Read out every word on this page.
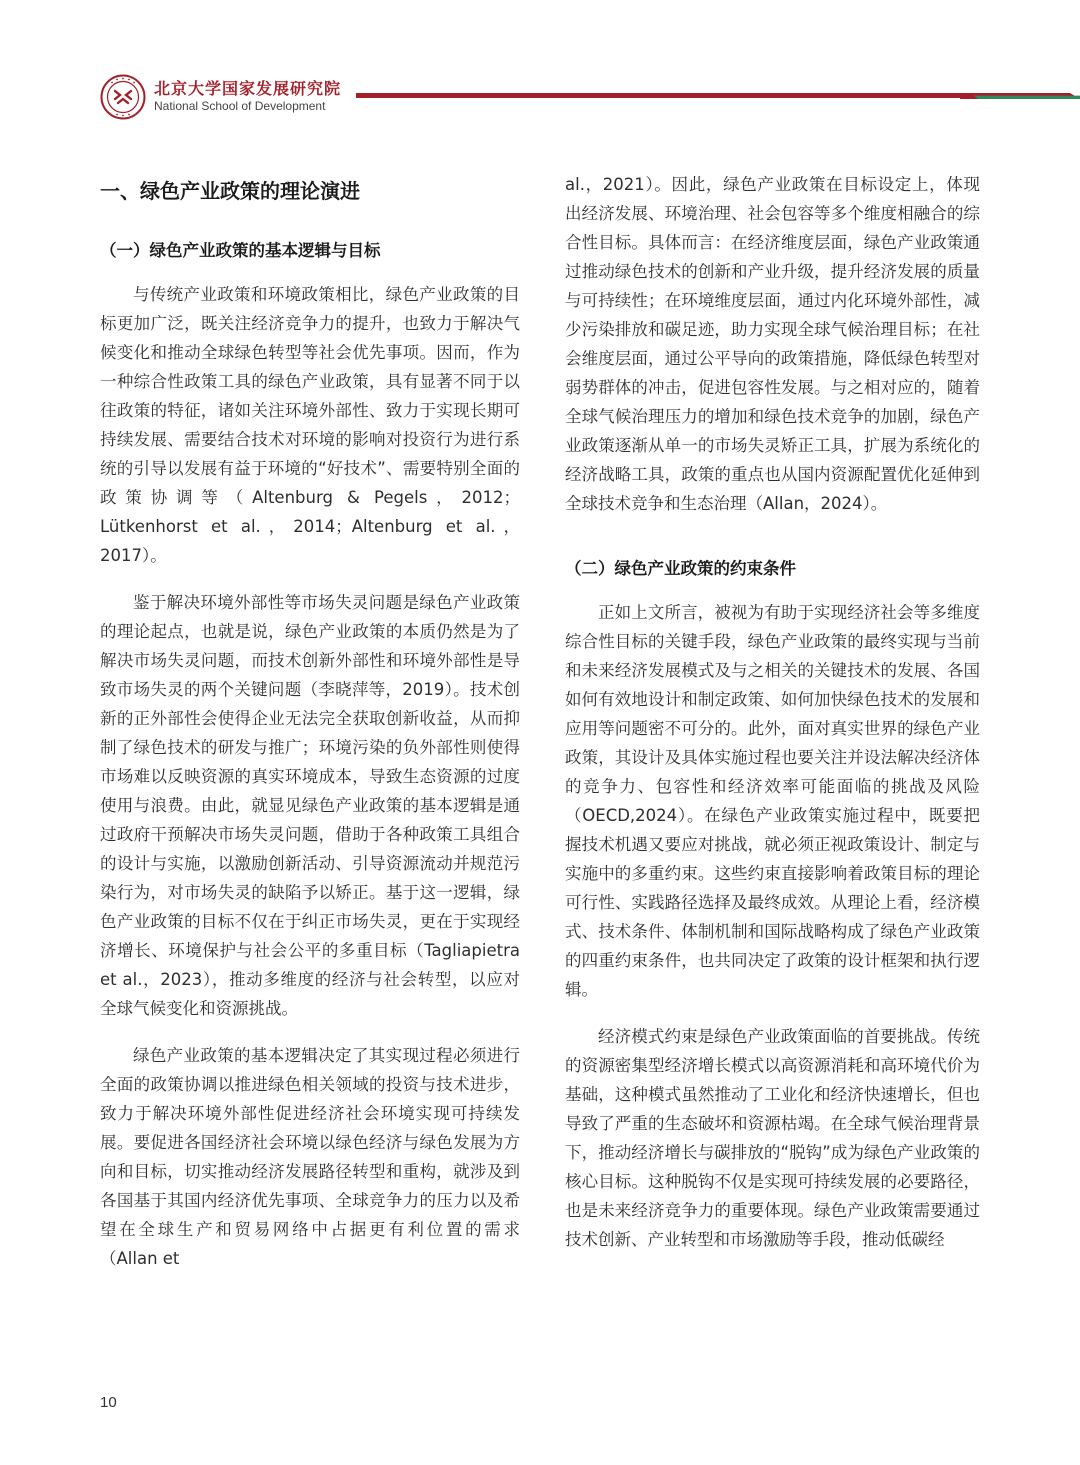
北京大学国家发展研究院
National School of Development
一、绿色产业政策的理论演进
（一）绿色产业政策的基本逻辑与目标

与传统产业政策和环境政策相比，绿色产业政策的目标更加广泛，既关注经济竞争力的提升，也致力于解决气候变化和推动全球绿色转型等社会优先事项。因而，作为一种综合性政策工具的绿色产业政策，具有显著不同于以往政策的特征，诸如关注环境外部性、致力于实现长期可持续发展、需要结合技术对环境的影响对投资行为进行系统的引导以发展有益于环境的“好技术”、需要特别全面的政策协调等（Altenburg & Pegels，2012；Lütkenhorst et al.，2014；Altenburg et al.，2017）。

鉴于解决环境外部性等市场失灵问题是绿色产业政策的理论起点，也就是说，绿色产业政策的本质仍然是为了解决市场失灵问题，而技术创新外部性和环境外部性是导致市场失灵的两个关键问题（李晓萍等，2019）。技术创新的正外部性会使得企业无法完全获取创新收益，从而抑制了绿色技术的研发与推广；环境污染的负外部性则使得市场难以反映资源的真实环境成本，导致生态资源的过度使用与浪费。由此，就显见绿色产业政策的基本逻辑是通过政府干预解决市场失灵问题，借助于各种政策工具组合的设计与实施，以激励创新活动、引导资源流动并规范污染行为，对市场失灵的缺陷予以矫正。基于这一逻辑，绿色产业政策的目标不仅在于纠正市场失灵，更在于实现经济增长、环境保护与社会公平的多重目标（Tagliapietra et al.，2023），推动多维度的经济与社会转型，以应对全球气候变化和资源挑战。

绿色产业政策的基本逻辑决定了其实现过程必须进行全面的政策协调以推进绿色相关领域的投资与技术进步，致力于解决环境外部性促进经济社会环境实现可持续发展。要促进各国经济社会环境以绿色经济与绿色发展为方向和目标，切实推动经济发展路径转型和重构，就涉及到各国基于其国内经济优先事项、全球竞争力的压力以及希望在全球生产和贸易网络中占据更有利位置的需求（Allan et

al.，2021）。因此，绿色产业政策在目标设定上，体现出经济发展、环境治理、社会包容等多个维度相融合的综合性目标。具体而言：在经济维度层面，绿色产业政策通过推动绿色技术的创新和产业升级，提升经济发展的质量与可持续性；在环境维度层面，通过内化环境外部性，减少污染排放和碳足迹，助力实现全球气候治理目标；在社会维度层面，通过公平导向的政策措施，降低绿色转型对弱势群体的冲击，促进包容性发展。与之相对应的，随着全球气候治理压力的增加和绿色技术竞争的加剧，绿色产业政策逐渐从单一的市场失灵矫正工具，扩展为系统化的经济战略工具，政策的重点也从国内资源配置优化延伸到全球技术竞争和生态治理（Allan，2024）。

（二）绿色产业政策的约束条件

正如上文所言，被视为有助于实现经济社会等多维度综合性目标的关键手段，绿色产业政策的最终实现与当前和未来经济发展模式及与之相关的关键技术的发展、各国如何有效地设计和制定政策、如何加快绿色技术的发展和应用等问题密不可分的。此外，面对真实世界的绿色产业政策，其设计及具体实施过程也要关注并设法解决经济体的竞争力、包容性和经济效率可能面临的挑战及风险（OECD,2024）。在绿色产业政策实施过程中，既要把握技术机遇又要应对挑战，就必须正视政策设计、制定与实施中的多重约束。这些约束直接影响着政策目标的理论可行性、实践路径选择及最终成效。从理论上看，经济模式、技术条件、体制机制和国际战略构成了绿色产业政策的四重约束条件，也共同决定了政策的设计框架和执行逻辑。

经济模式约束是绿色产业政策面临的首要挑战。传统的资源密集型经济增长模式以高资源消耗和高环境代价为基础，这种模式虽然推动了工业化和经济快速增长，但也导致了严重的生态破坏和资源枯竭。在全球气候治理背景下，推动经济增长与碳排放的“脱钩”成为绿色产业政策的核心目标。这种脱钩不仅是实现可持续发展的必要路径，也是未来经济竞争力的重要体现。绿色产业政策需要通过技术创新、产业转型和市场激励等手段，推动低碳经

10
